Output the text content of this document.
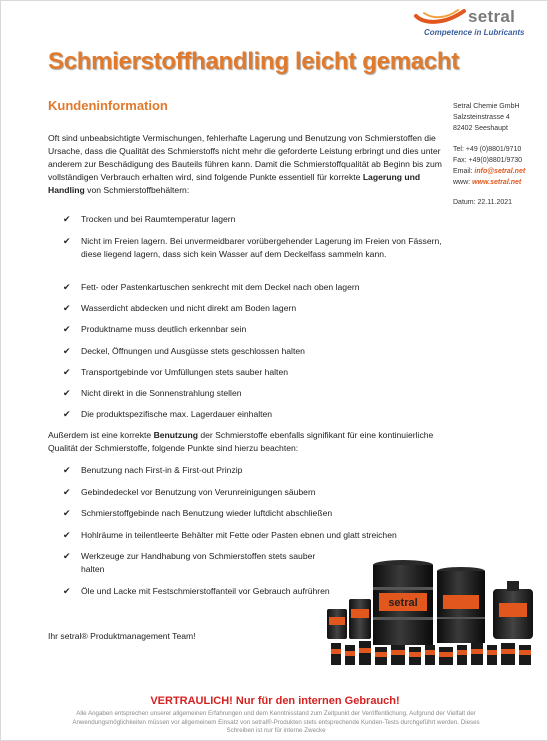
setral
Competence in Lubricants
Schmierstoffhandling leicht gemacht
Kundeninformation	Setral Chemie GmbH
Salzsteinstrasse 4
82402 Seeshaupt
Tel: +49 (0)8801/9710
Fax: +49(0)8801/9730
Email: info@setral.net
www: www.setral.net
Datum: 22.11.2021
Oft sind unbeabsichtigte Vermischungen, fehlerhafte Lagerung und Benutzung von Schmierstoffen die Ursache, dass die Qualität des Schmierstoffs nicht mehr die geforderte Leistung erbringt und dies unter anderem zur Beschädigung des Bauteils führen kann. Damit die Schmierstoffqualität ab Beginn bis zum vollständigen Verbrauch erhalten wird, sind folgende Punkte essentiell für korrekte Lagerung und Handling von Schmierstoffbehältern:
✔ Trocken und bei Raumtemperatur lagern
✔ Nicht im Freien lagern. Bei unvermeidbarer vorübergehender Lagerung im Freien von Fässern, diese liegend lagern, dass sich kein Wasser auf dem Deckelfass sammeln kann.
✔ Fett- oder Pastenkartuschen senkrecht mit dem Deckel nach oben lagern
✔ Wasserdicht abdecken und nicht direkt am Boden lagern
✔ Produktname muss deutlich erkennbar sein
✔ Deckel, Öffnungen und Ausgüsse stets geschlossen halten
✔ Transportgebinde vor Umfüllungen stets sauber halten
✔ Nicht direkt in die Sonnenstrahlung stellen
✔ Die produktspezifische max. Lagerdauer einhalten
Außerdem ist eine korrekte Benutzung der Schmierstoffe ebenfalls signifikant für eine kontinuierliche Qualität der Schmierstoffe, folgende Punkte sind hierzu beachten:
✔ Benutzung nach First-in & First-out Prinzip
✔ Gebindedeckel vor Benutzung von Verunreinigungen säubern
✔ Schmierstoffgebinde nach Benutzung wieder luftdicht abschließen
✔ Hohlräume in teilentleerte Behälter mit Fette oder Pasten ebnen und glatt streichen
✔ Werkzeuge zur Handhabung von Schmierstoffen stets sauber halten
✔ Öle und Lacke mit Festschmierstoffanteil vor Gebrauch aufrühren
Ihr setral® Produktmanagement Team!
setral
VERTRAULICH! Nur für den internen Gebrauch!
Alle Angaben entsprechen unserer allgemeinen Erfahrungen und dem Kenntnisstand zum Zeitpunkt der Veröffentlichung. Aufgrund der Vielfalt der Anwendungsmöglichkeiten müssen vor allgemeinem Einsatz von setral®-Produkten stets entsprechende Kunden-Tests durchgeführt werden. Dieses Schreiben ist nur für interne Zwecke
